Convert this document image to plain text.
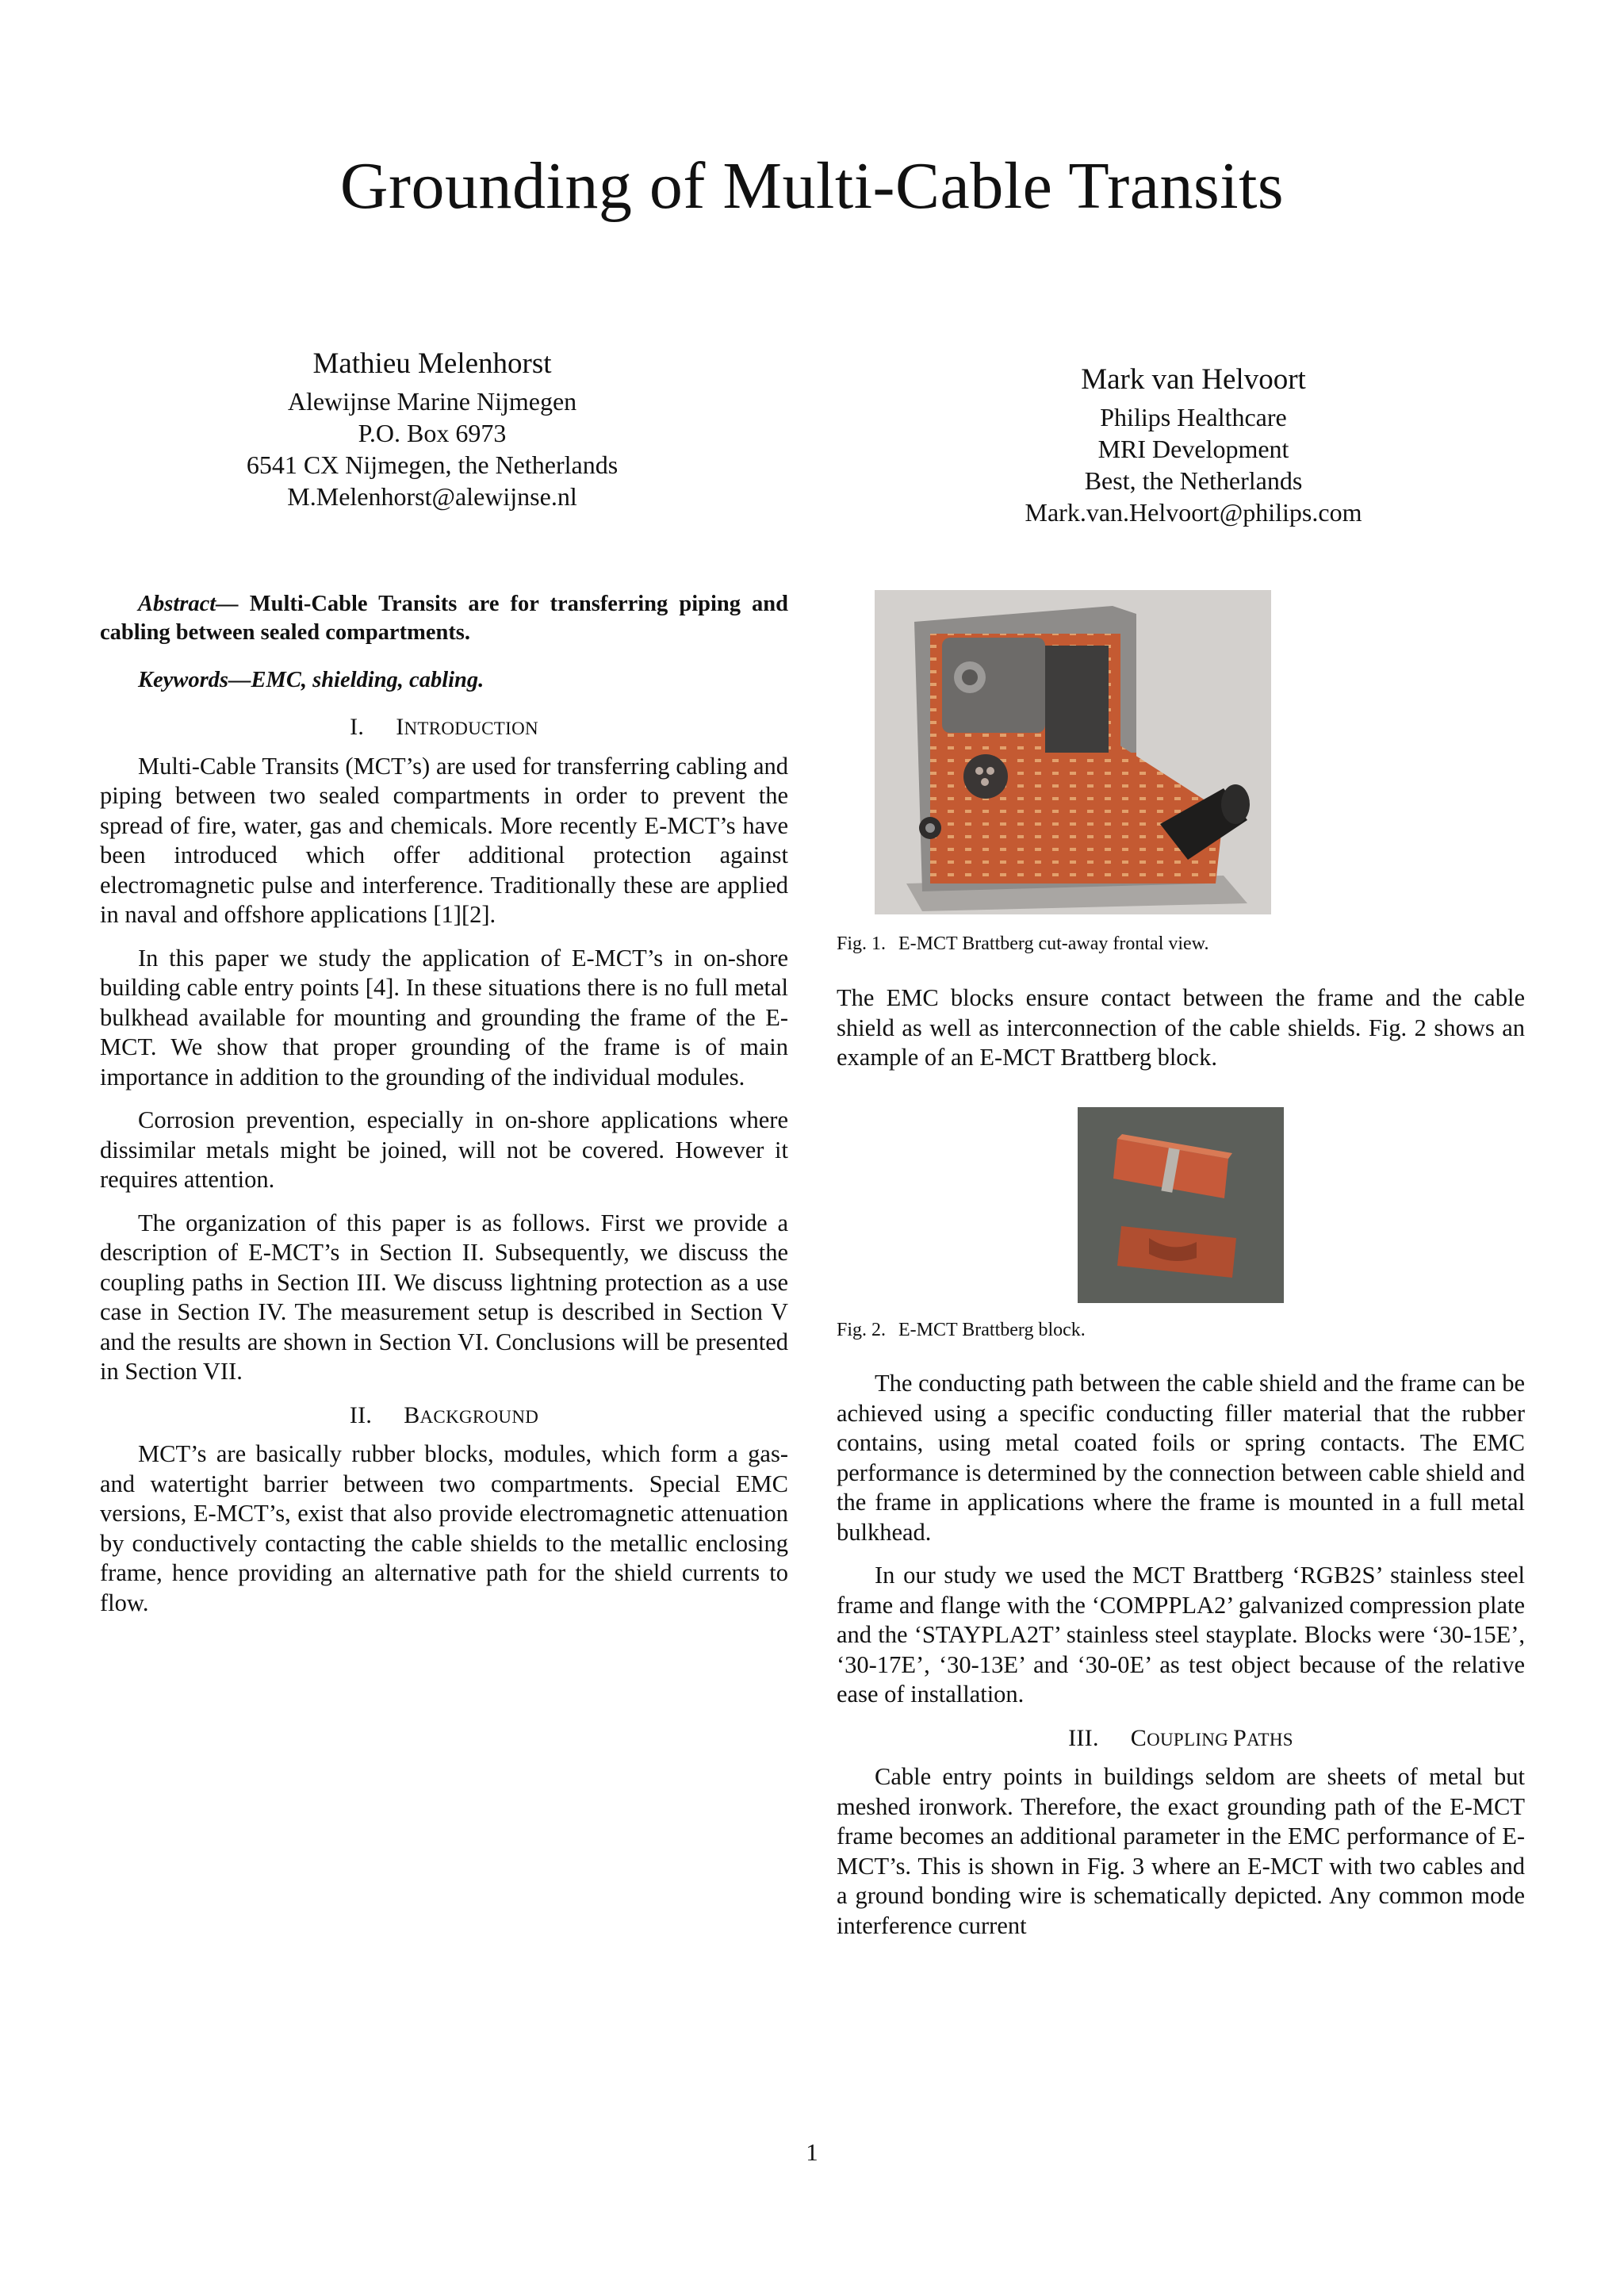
Grounding of Multi-Cable Transits
Mathieu Melenhorst
Alewijnse Marine Nijmegen
P.O. Box 6973
6541 CX Nijmegen, the Netherlands
M.Melenhorst@alewijnse.nl
Mark van Helvoort
Philips Healthcare
MRI Development
Best, the Netherlands
Mark.van.Helvoort@philips.com

Abstract— Multi-Cable Transits are for transferring piping and cabling between sealed compartments.

Keywords—EMC, shielding, cabling.

I. INTRODUCTION

Multi-Cable Transits (MCT’s) are used for transferring cabling and piping between two sealed compartments in order to prevent the spread of fire, water, gas and chemicals. More recently E-MCT’s have been introduced which offer additional protection against electromagnetic pulse and interference. Traditionally these are applied in naval and offshore applications [1][2].

In this paper we study the application of E-MCT’s in on-shore building cable entry points [4]. In these situations there is no full metal bulkhead available for mounting and grounding the frame of the E-MCT. We show that proper grounding of the frame is of main importance in addition to the grounding of the individual modules.

Corrosion prevention, especially in on-shore applications where dissimilar metals might be joined, will not be covered. However it requires attention.

The organization of this paper is as follows. First we provide a description of E-MCT’s in Section II. Subsequently, we discuss the coupling paths in Section III. We discuss lightning protection as a use case in Section IV. The measurement setup is described in Section V and the results are shown in Section VI. Conclusions will be presented in Section VII.

II. BACKGROUND

MCT’s are basically rubber blocks, modules, which form a gas- and watertight barrier between two compartments. Special EMC versions, E-MCT’s, exist that also provide electromagnetic attenuation by conductively contacting the cable shields to the metallic enclosing frame, hence providing an alternative path for the shield currents to flow.

Fig. 1. E-MCT Brattberg cut-away frontal view.

The EMC blocks ensure contact between the frame and the cable shield as well as interconnection of the cable shields. Fig. 2 shows an example of an E-MCT Brattberg block.

Fig. 2. E-MCT Brattberg block.

The conducting path between the cable shield and the frame can be achieved using a specific conducting filler material that the rubber contains, using metal coated foils or spring contacts. The EMC performance is determined by the connection between cable shield and the frame in applications where the frame is mounted in a full metal bulkhead.

In our study we used the MCT Brattberg ‘RGB2S’ stainless steel frame and flange with the ‘COMPPLA2’ galvanized compression plate and the ‘STAYPLA2T’ stainless steel stayplate. Blocks were ‘30-15E’, ‘30-17E’, ‘30-13E’ and ‘30-0E’ as test object because of the relative ease of installation.

III. COUPLING PATHS

Cable entry points in buildings seldom are sheets of metal but meshed ironwork. Therefore, the exact grounding path of the E-MCT frame becomes an additional parameter in the EMC performance of E-MCT’s. This is shown in Fig. 3 where an E-MCT with two cables and a ground bonding wire is schematically depicted. Any common mode interference current

1
